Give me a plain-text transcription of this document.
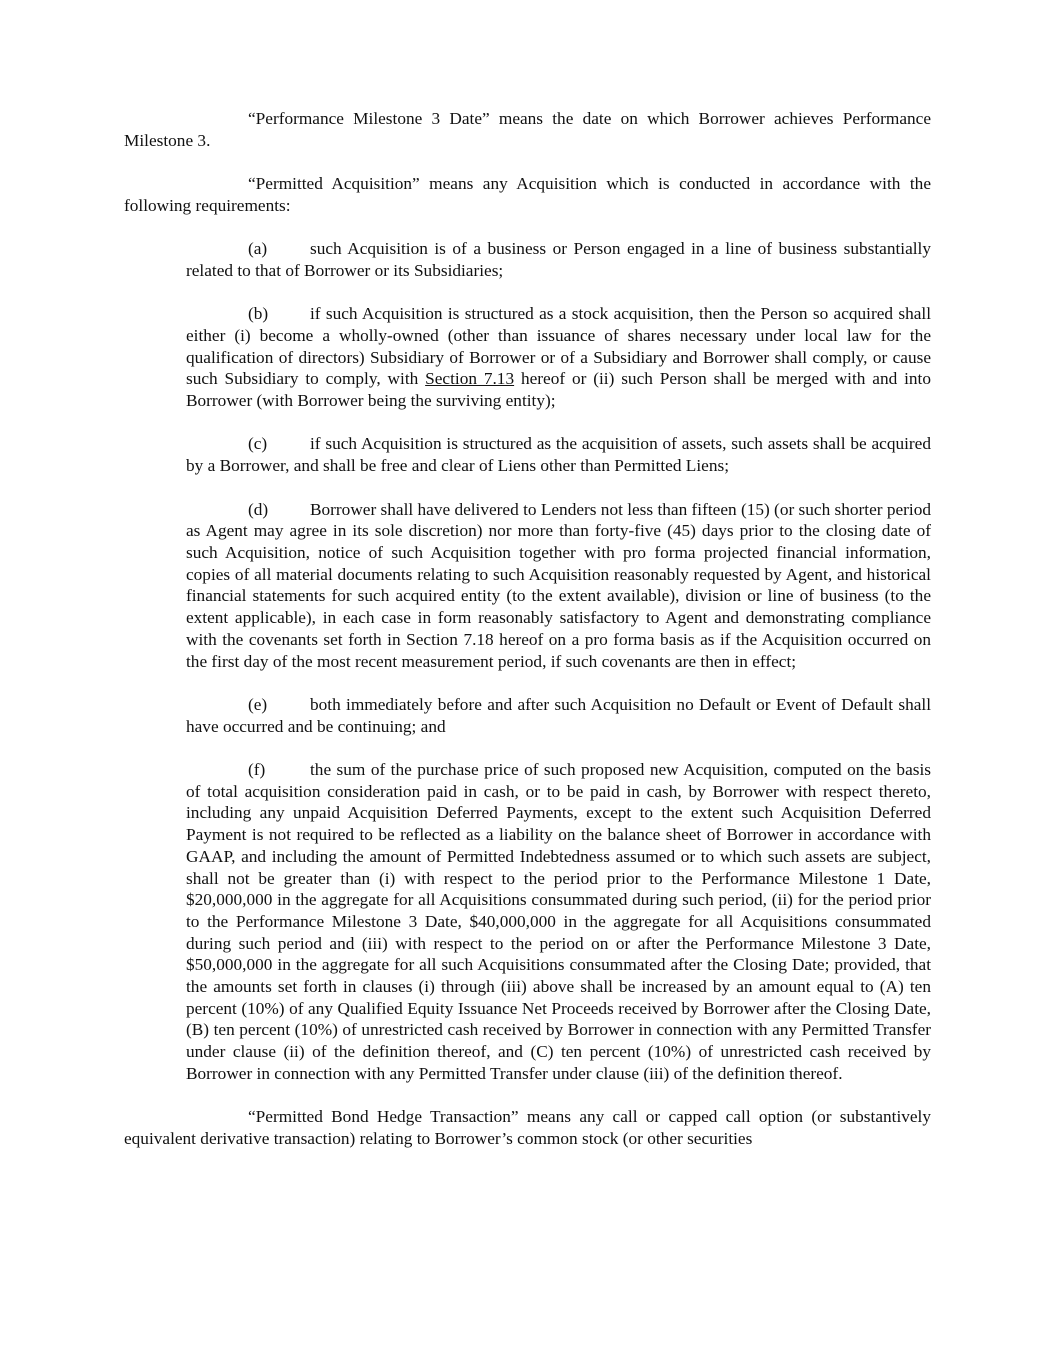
“Performance Milestone 3 Date” means the date on which Borrower achieves Performance Milestone 3.

“Permitted Acquisition” means any Acquisition which is conducted in accordance with the following requirements:

(a) such Acquisition is of a business or Person engaged in a line of business substantially related to that of Borrower or its Subsidiaries;

(b) if such Acquisition is structured as a stock acquisition, then the Person so acquired shall either (i) become a wholly-owned (other than issuance of shares necessary under local law for the qualification of directors) Subsidiary of Borrower or of a Subsidiary and Borrower shall comply, or cause such Subsidiary to comply, with Section 7.13 hereof or (ii) such Person shall be merged with and into Borrower (with Borrower being the surviving entity);

(c) if such Acquisition is structured as the acquisition of assets, such assets shall be acquired by a Borrower, and shall be free and clear of Liens other than Permitted Liens;

(d) Borrower shall have delivered to Lenders not less than fifteen (15) (or such shorter period as Agent may agree in its sole discretion) nor more than forty-five (45) days prior to the closing date of such Acquisition, notice of such Acquisition together with pro forma projected financial information, copies of all material documents relating to such Acquisition reasonably requested by Agent, and historical financial statements for such acquired entity (to the extent available), division or line of business (to the extent applicable), in each case in form reasonably satisfactory to Agent and demonstrating compliance with the covenants set forth in Section 7.18 hereof on a pro forma basis as if the Acquisition occurred on the first day of the most recent measurement period, if such covenants are then in effect;

(e) both immediately before and after such Acquisition no Default or Event of Default shall have occurred and be continuing; and

(f)	the sum of the purchase price of such proposed new Acquisition, computed on the basis of total acquisition consideration paid in cash, or to be paid in cash, by Borrower with respect thereto, including any unpaid Acquisition Deferred Payments, except to the extent such Acquisition Deferred Payment is not required to be reflected as a liability on the balance sheet of Borrower in accordance with GAAP, and including the amount of Permitted Indebtedness assumed or to which such assets are subject, shall not be greater than (i) with respect to the period prior to the Performance Milestone 1 Date, $20,000,000 in the aggregate for all Acquisitions consummated during such period, (ii) for the period prior to the Performance Milestone 3 Date, $40,000,000 in the aggregate for all Acquisitions consummated during such period and (iii) with respect to the period on or after the Performance Milestone 3 Date, $50,000,000 in the aggregate for all such Acquisitions consummated after the Closing Date; provided, that the amounts set forth in clauses (i) through (iii) above shall be increased by an amount equal to (A) ten percent (10%) of any Qualified Equity Issuance Net Proceeds received by Borrower after the Closing Date, (B) ten percent (10%) of unrestricted cash received by Borrower in connection with any Permitted Transfer under clause (ii) of the definition thereof, and (C) ten percent (10%) of unrestricted cash received by Borrower in connection with any Permitted Transfer under clause (iii) of the definition thereof.

“Permitted Bond Hedge Transaction” means any call or capped call option (or substantively equivalent derivative transaction) relating to Borrower’s common stock (or other securities
